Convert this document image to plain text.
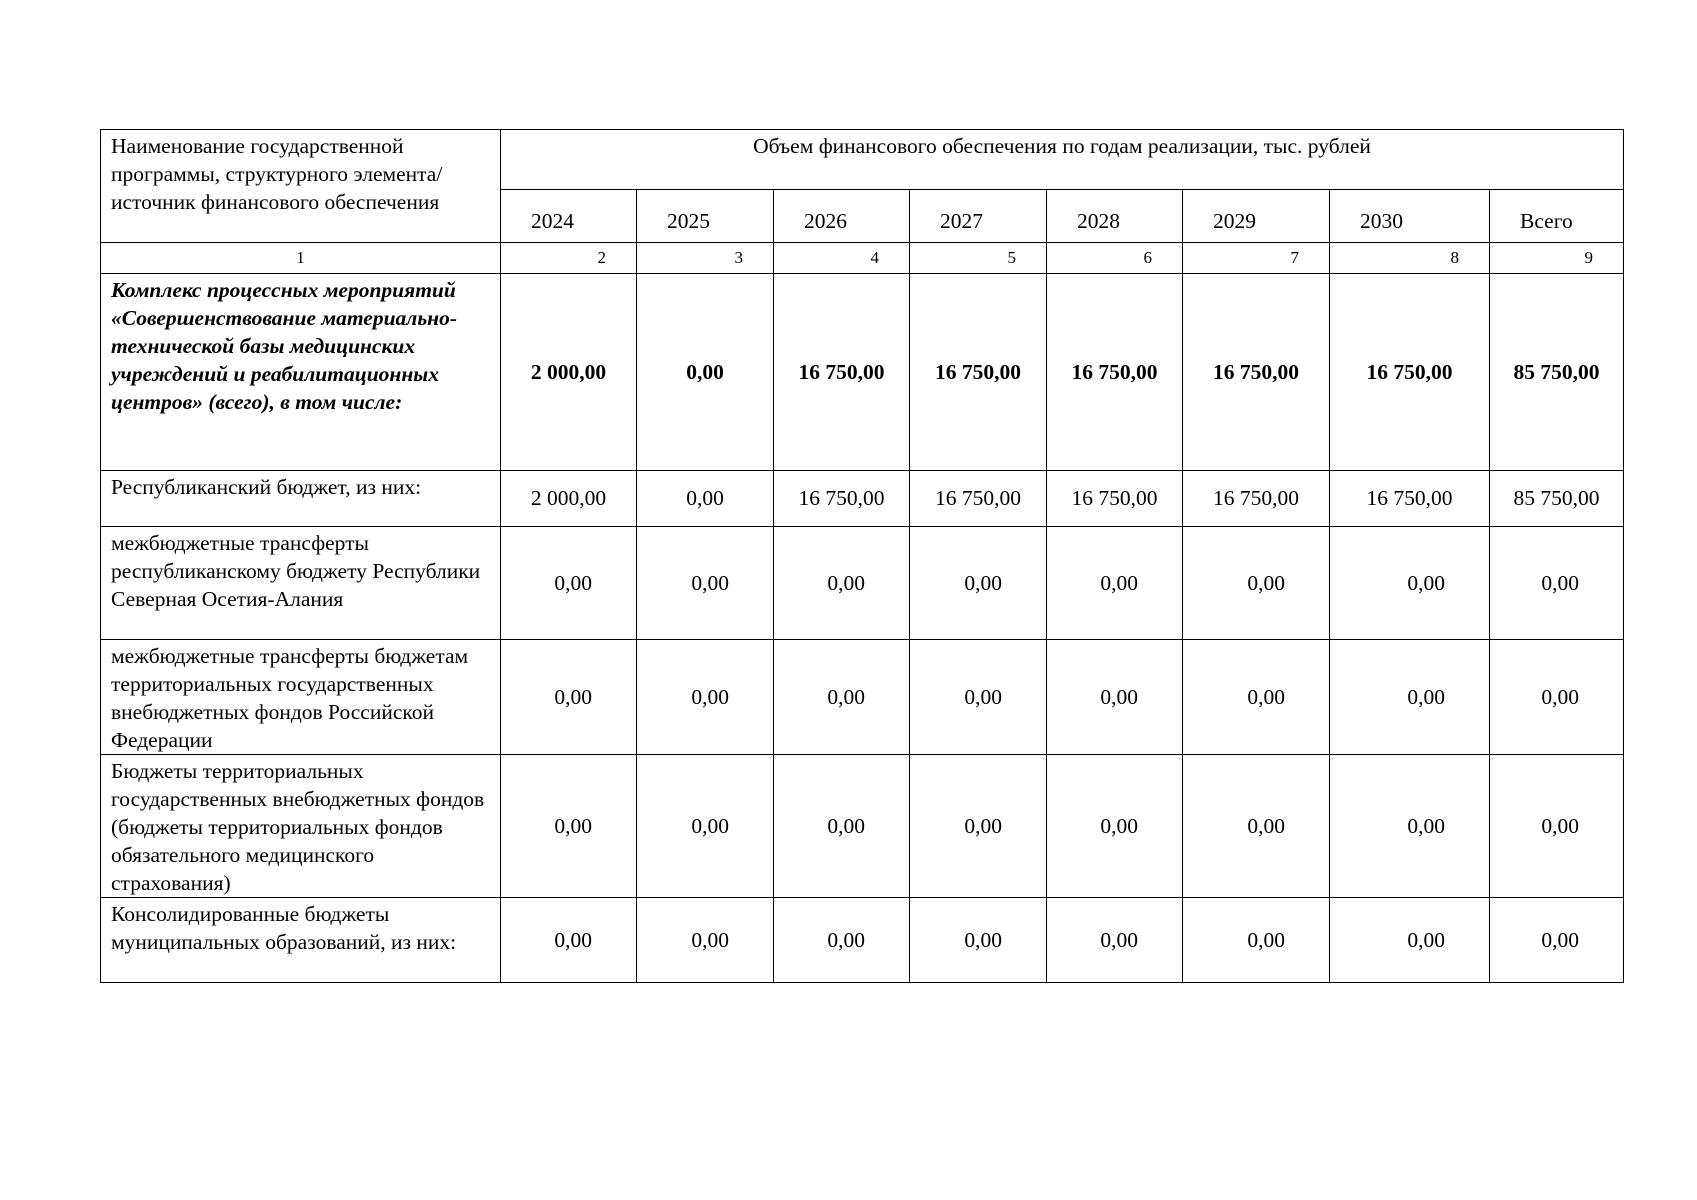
Наименование государственной программы, структурного элемента/источник финансового обеспечения	Объем финансового обеспечения по годам реализации, тыс. рублей							
	2024	2025	2026	2027	2028	2029	2030	Всего
1	2	3	4	5	6	7	8	9
Комплекс процессных мероприятий «Совершенствование материально-технической базы медицинских учреждений и реабилитационных центров» (всего), в том числе:	2 000,00	0,00	16 750,00	16 750,00	16 750,00	16 750,00	16 750,00	85 750,00
Республиканский бюджет, из них:	2 000,00	0,00	16 750,00	16 750,00	16 750,00	16 750,00	16 750,00	85 750,00
межбюджетные трансферты республиканскому бюджету Республики Северная Осетия-Алания	0,00	0,00	0,00	0,00	0,00	0,00	0,00	0,00
межбюджетные трансферты бюджетам территориальных государственных внебюджетных фондов Российской Федерации	0,00	0,00	0,00	0,00	0,00	0,00	0,00	0,00
Бюджеты территориальных государственных внебюджетных фондов (бюджеты территориальных фондов обязательного медицинского страхования)	0,00	0,00	0,00	0,00	0,00	0,00	0,00	0,00
Консолидированные бюджеты муниципальных образований, из них:	0,00	0,00	0,00	0,00	0,00	0,00	0,00	0,00
